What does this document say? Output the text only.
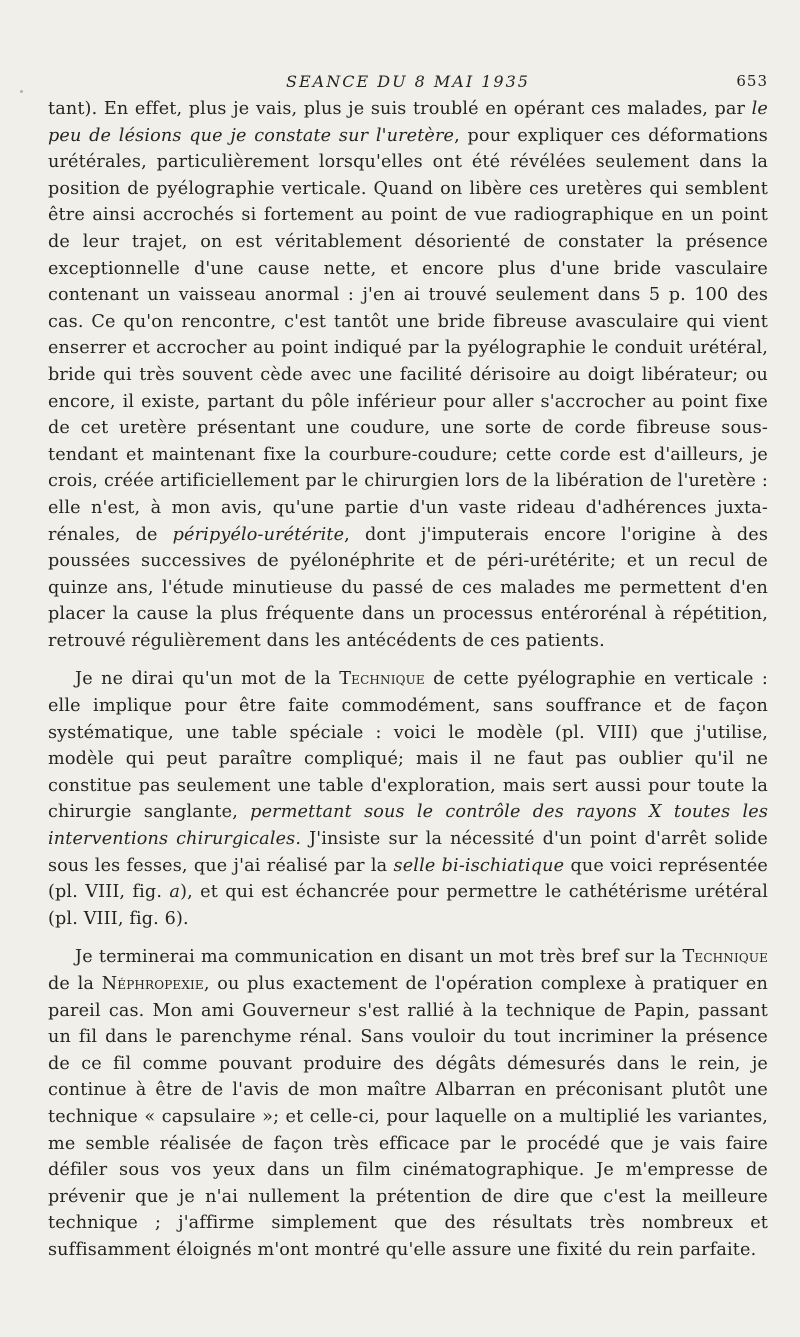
SEANCE DU 8 MAI 1935	653

tant). En effet, plus je vais, plus je suis troublé en opérant ces malades, par le peu de lésions que je constate sur l'uretère, pour expliquer ces déformations urétérales, particulièrement lorsqu'elles ont été révélées seulement dans la position de pyélographie verticale. Quand on libère ces uretères qui semblent être ainsi accrochés si fortement au point de vue radiographique en un point de leur trajet, on est véritablement désorienté de constater la présence exceptionnelle d'une cause nette, et encore plus d'une bride vasculaire contenant un vaisseau anormal : j'en ai trouvé seulement dans 5 p. 100 des cas. Ce qu'on rencontre, c'est tantôt une bride fibreuse avasculaire qui vient enserrer et accrocher au point indiqué par la pyélographie le conduit urétéral, bride qui très souvent cède avec une facilité dérisoire au doigt libérateur; ou encore, il existe, partant du pôle inférieur pour aller s'accrocher au point fixe de cet uretère présentant une coudure, une sorte de corde fibreuse sous-tendant et maintenant fixe la courbure-coudure; cette corde est d'ailleurs, je crois, créée artificiellement par le chirurgien lors de la libération de l'uretère : elle n'est, à mon avis, qu'une partie d'un vaste rideau d'adhérences juxta-rénales, de péripyélo-urétérite, dont j'imputerais encore l'origine à des poussées successives de pyélonéphrite et de péri-urétérite; et un recul de quinze ans, l'étude minutieuse du passé de ces malades me permettent d'en placer la cause la plus fréquente dans un processus entérorénal à répétition, retrouvé régulièrement dans les antécédents de ces patients.

Je ne dirai qu'un mot de la Technique de cette pyélographie en verticale : elle implique pour être faite commodément, sans souffrance et de façon systématique, une table spéciale : voici le modèle (pl. VIII) que j'utilise, modèle qui peut paraître compliqué; mais il ne faut pas oublier qu'il ne constitue pas seulement une table d'exploration, mais sert aussi pour toute la chirurgie sanglante, permettant sous le contrôle des rayons X toutes les interventions chirurgicales. J'insiste sur la nécessité d'un point d'arrêt solide sous les fesses, que j'ai réalisé par la selle bi-ischiatique que voici représentée (pl. VIII, fig. a), et qui est échancrée pour permettre le cathétérisme urétéral (pl. VIII, fig. 6).

Je terminerai ma communication en disant un mot très bref sur la Technique de la Néphropexie, ou plus exactement de l'opération complexe à pratiquer en pareil cas. Mon ami Gouverneur s'est rallié à la technique de Papin, passant un fil dans le parenchyme rénal. Sans vouloir du tout incriminer la présence de ce fil comme pouvant produire des dégâts démesurés dans le rein, je continue à être de l'avis de mon maître Albarran en préconisant plutôt une technique « capsulaire »; et celle-ci, pour laquelle on a multiplié les variantes, me semble réalisée de façon très efficace par le procédé que je vais faire défiler sous vos yeux dans un film cinématographique. Je m'empresse de prévenir que je n'ai nullement la prétention de dire que c'est la meilleure technique ; j'affirme simplement que des résultats très nombreux et suffisamment éloignés m'ont montré qu'elle assure une fixité du rein parfaite.
